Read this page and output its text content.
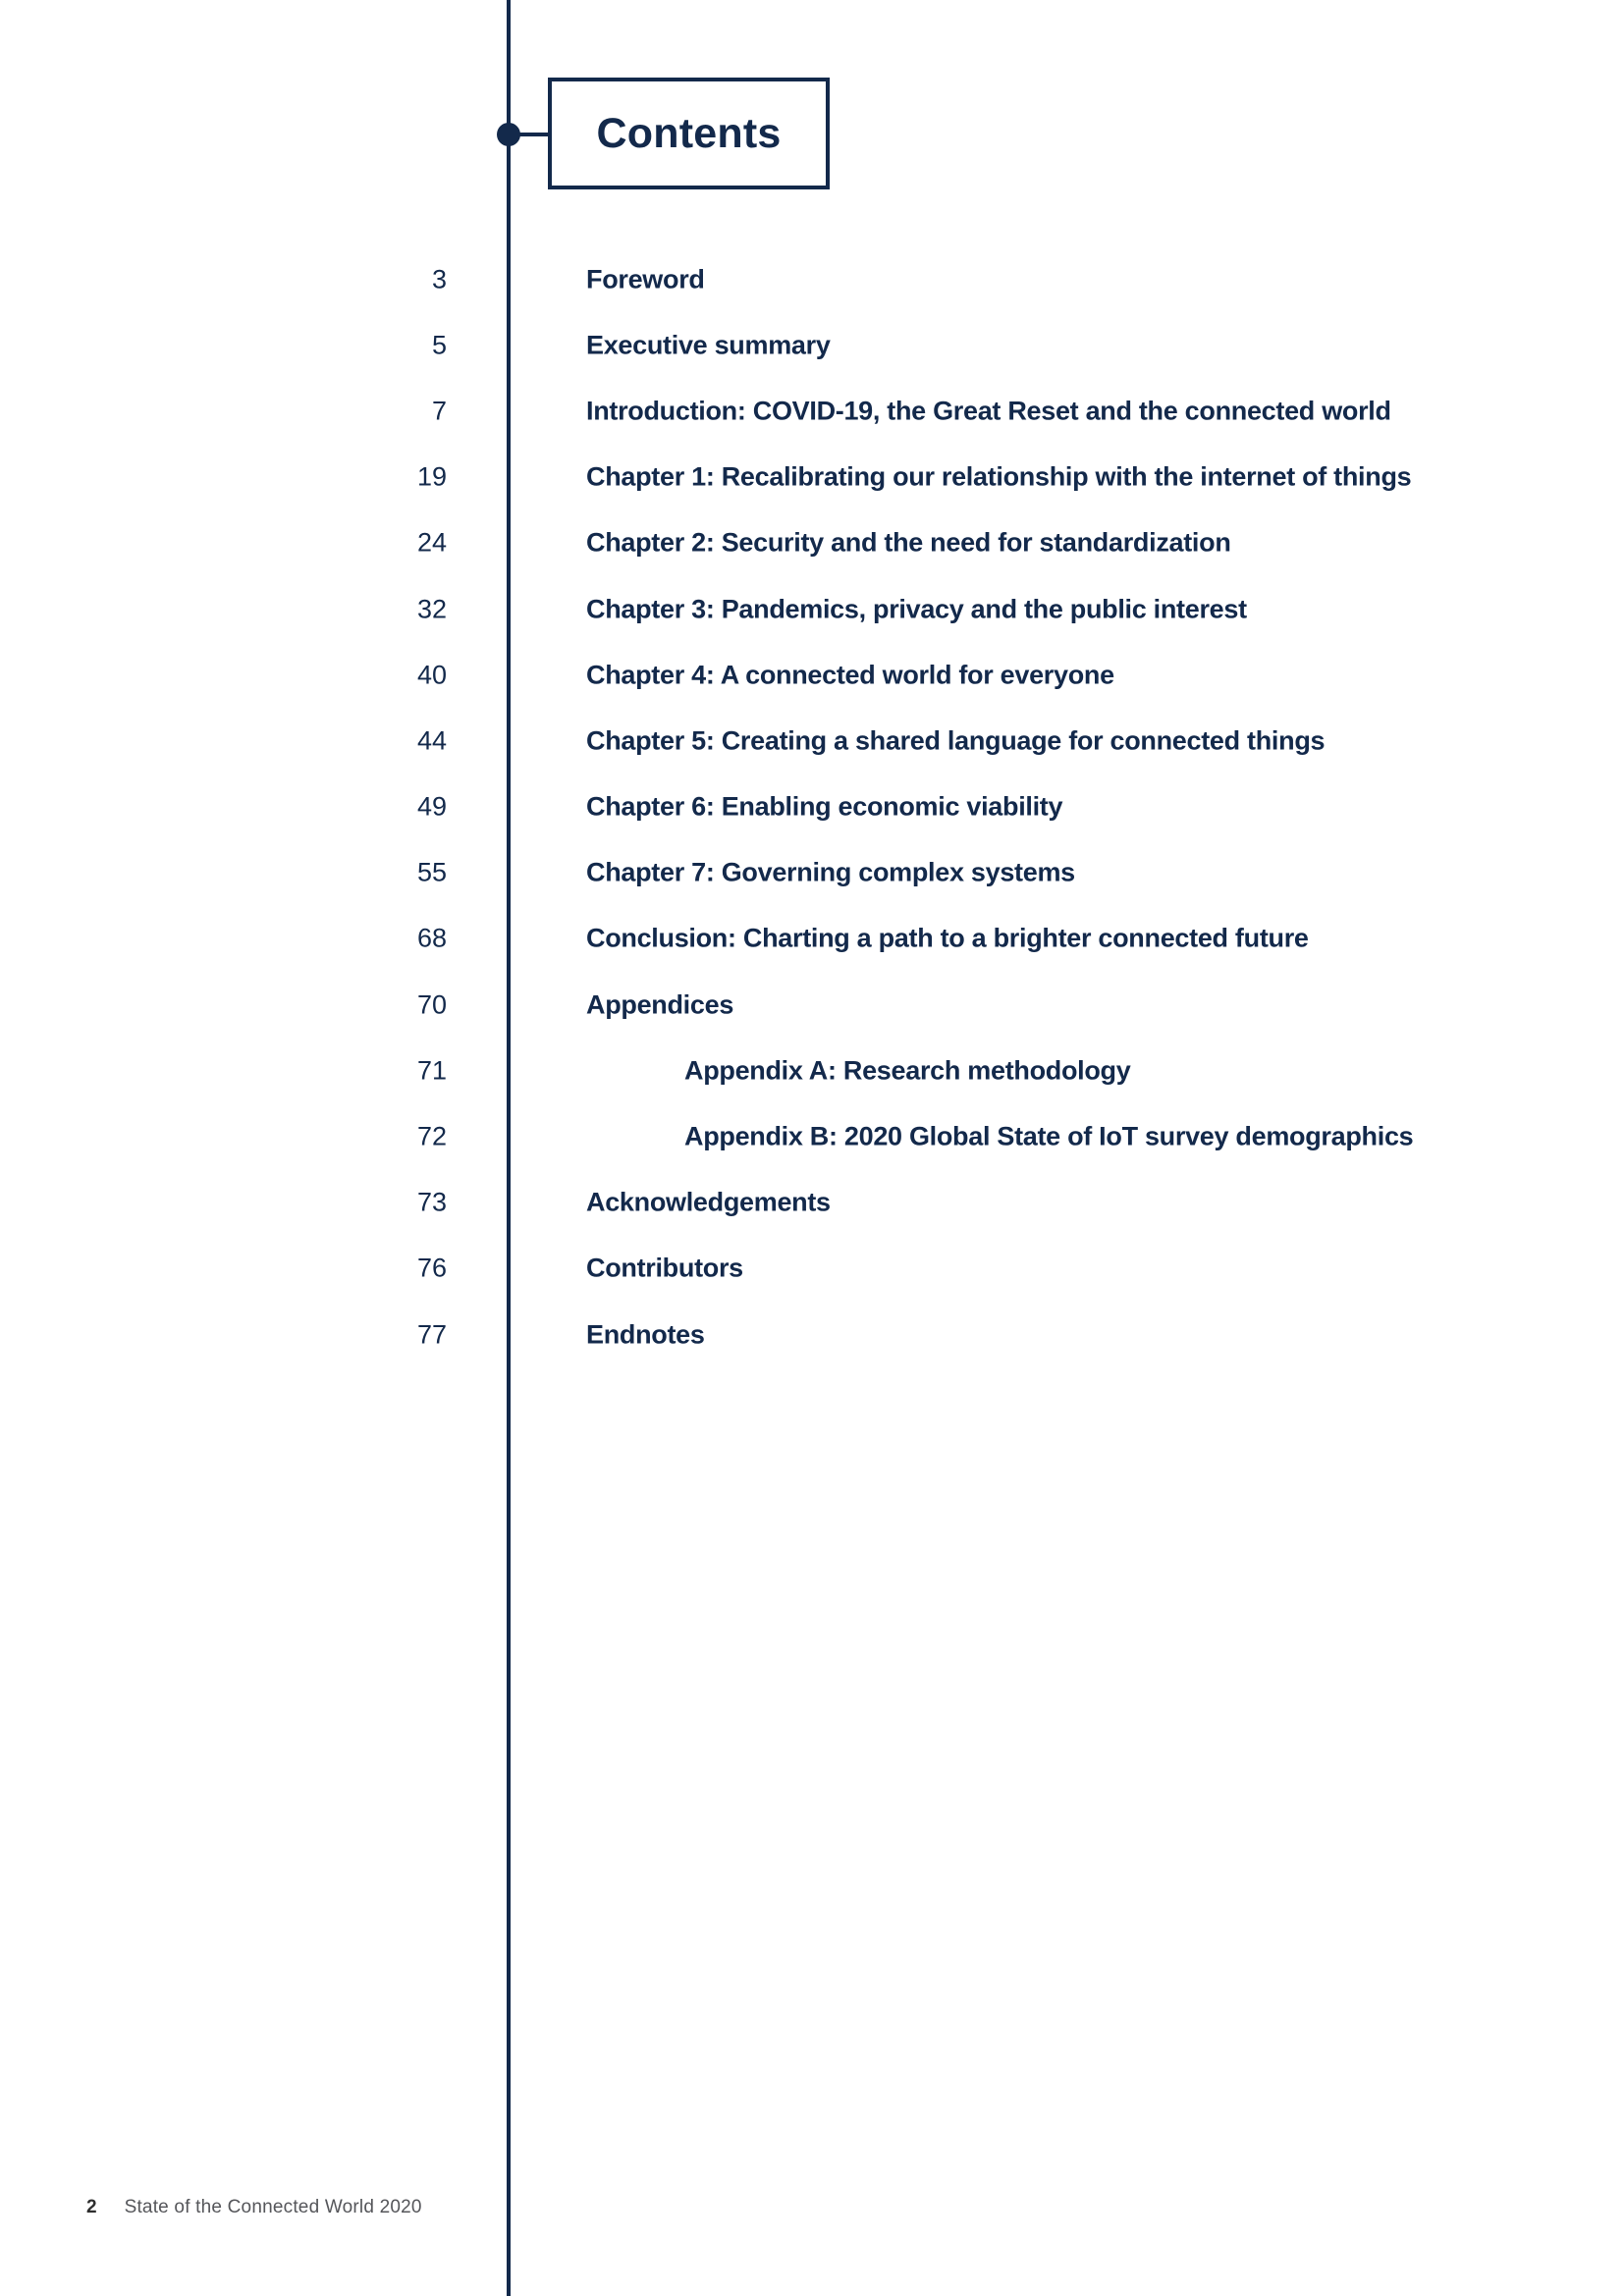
Contents
3	Foreword
5	Executive summary
7	Introduction: COVID-19, the Great Reset and the connected world
19	Chapter 1: Recalibrating our relationship with the internet of things
24	Chapter 2: Security and the need for standardization
32	Chapter 3: Pandemics, privacy and the public interest
40	Chapter 4: A connected world for everyone
44	Chapter 5: Creating a shared language for connected things
49	Chapter 6: Enabling economic viability
55	Chapter 7: Governing complex systems
68	Conclusion: Charting a path to a brighter connected future
70	Appendices
71	Appendix A: Research methodology
72	Appendix B: 2020 Global State of IoT survey demographics
73	Acknowledgements
76	Contributors
77	Endnotes
2 State of the Connected World 2020
